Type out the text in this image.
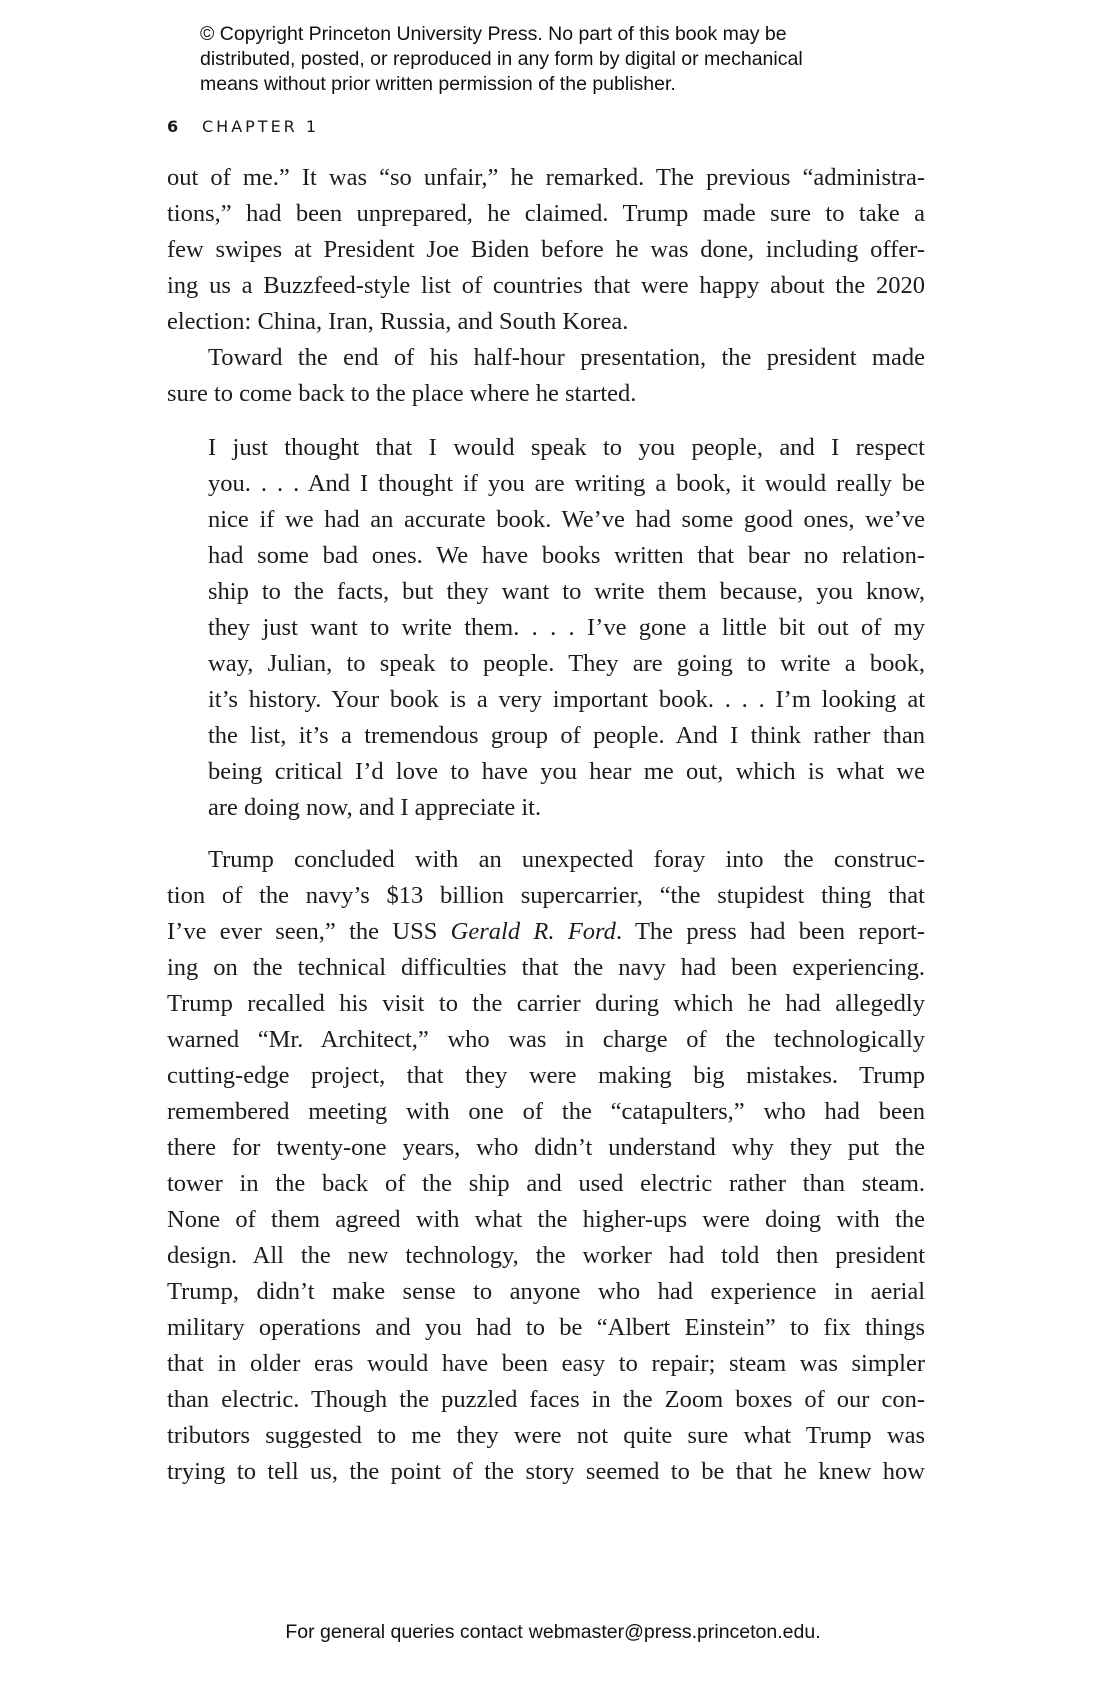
© Copyright Princeton University Press. No part of this book may be
distributed, posted, or reproduced in any form by digital or mechanical
means without prior written permission of the publisher.
6 CHAPTER 1
out of me.” It was “so unfair,” he remarked. The previous “administra-
tions,” had been unprepared, he claimed. Trump made sure to take a
few swipes at President Joe Biden before he was done, including offer-
ing us a Buzzfeed-style list of countries that were happy about the 2020
election: China, Iran, Russia, and South Korea.
Toward the end of his half-hour presentation, the president made
sure to come back to the place where he started.
I just thought that I would speak to you people, and I respect
you. . . . And I thought if you are writing a book, it would really be
nice if we had an accurate book. We’ve had some good ones, we’ve
had some bad ones. We have books written that bear no relation-
ship to the facts, but they want to write them because, you know,
they just want to write them. . . . I’ve gone a little bit out of my
way, Julian, to speak to people. They are going to write a book,
it’s history. Your book is a very important book. . . . I’m looking at
the list, it’s a tremendous group of people. And I think rather than
being critical I’d love to have you hear me out, which is what we
are doing now, and I appreciate it.
Trump concluded with an unexpected foray into the construc-
tion of the navy’s $13 billion supercarrier, “the stupidest thing that
I’ve ever seen,” the USS Gerald R. Ford. The press had been report-
ing on the technical difficulties that the navy had been experiencing.
Trump recalled his visit to the carrier during which he had allegedly
warned “Mr. Architect,” who was in charge of the technologically
cutting-edge project, that they were making big mistakes. Trump
remembered meeting with one of the “catapulters,” who had been
there for twenty-one years, who didn’t understand why they put the
tower in the back of the ship and used electric rather than steam.
None of them agreed with what the higher-ups were doing with the
design. All the new technology, the worker had told then president
Trump, didn’t make sense to anyone who had experience in aerial
military operations and you had to be “Albert Einstein” to fix things
that in older eras would have been easy to repair; steam was simpler
than electric. Though the puzzled faces in the Zoom boxes of our con-
tributors suggested to me they were not quite sure what Trump was
trying to tell us, the point of the story seemed to be that he knew how
For general queries contact webmaster@press.princeton.edu.
